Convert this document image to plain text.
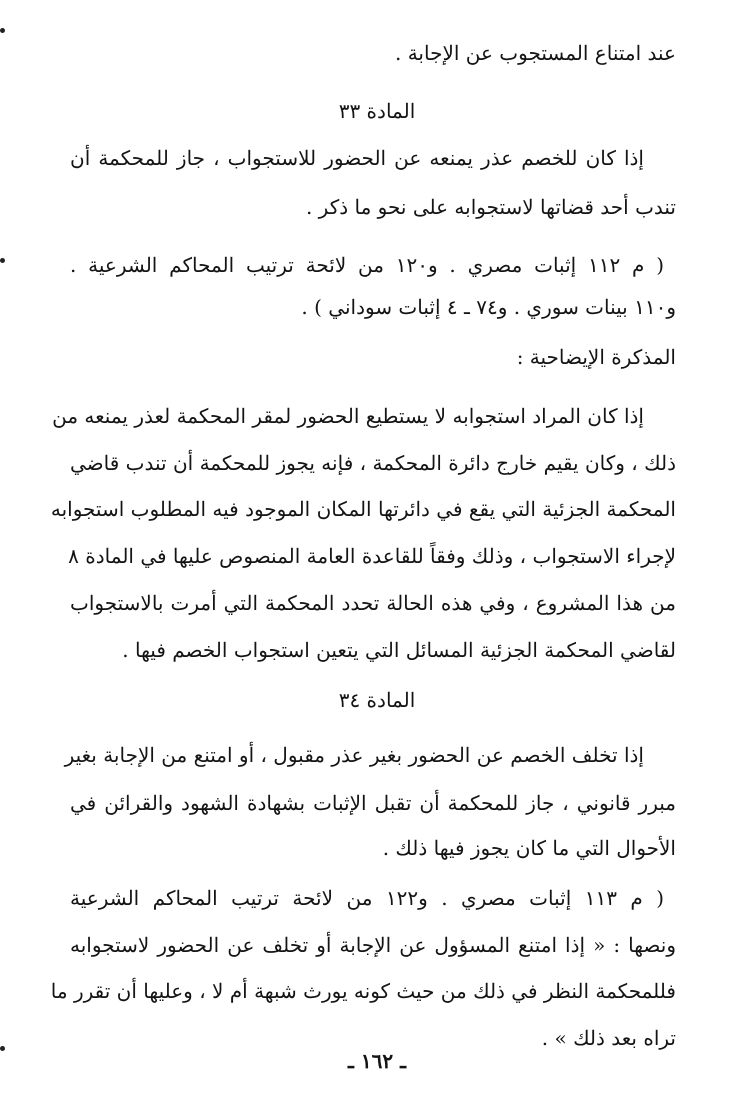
عند امتناع المستجوب عن الإجابة .

المادة ٣٣

إذا كان للخصم عذر يمنعه عن الحضور للاستجواب ، جاز للمحكمة أن

تندب أحد قضاتها لاستجوابه على نحو ما ذكر .

( م ١١٢ إثبات مصري . و١٢٠ من لائحة ترتيب المحاكم الشرعية .

و١١٠ بينات سوري . و٧٤ ـ ٤ إثبات سوداني ) .

المذكرة الإيضاحية :

إذا كان المراد استجوابه لا يستطيع الحضور لمقر المحكمة لعذر يمنعه من

ذلك ، وكان يقيم خارج دائرة المحكمة ، فإنه يجوز للمحكمة أن تندب قاضي

المحكمة الجزئية التي يقع في دائرتها المكان الموجود فيه المطلوب استجوابه

لإجراء الاستجواب ، وذلك وفقاً للقاعدة العامة المنصوص عليها في المادة ٨

من هذا المشروع ، وفي هذه الحالة تحدد المحكمة التي أمرت بالاستجواب

لقاضي المحكمة الجزئية المسائل التي يتعين استجواب الخصم فيها .

المادة ٣٤

إذا تخلف الخصم عن الحضور بغير عذر مقبول ، أو امتنع من الإجابة بغير

مبرر قانوني ، جاز للمحكمة أن تقبل الإثبات بشهادة الشهود والقرائن في

الأحوال التي ما كان يجوز فيها ذلك .

( م ١١٣ إثبات مصري . و١٢٢ من لائحة ترتيب المحاكم الشرعية

ونصها : « إذا امتنع المسؤول عن الإجابة أو تخلف عن الحضور لاستجوابه

فللمحكمة النظر في ذلك من حيث كونه يورث شبهة أم لا ، وعليها أن تقرر ما

تراه بعد ذلك » .

ـ ١٦٢ ـ
